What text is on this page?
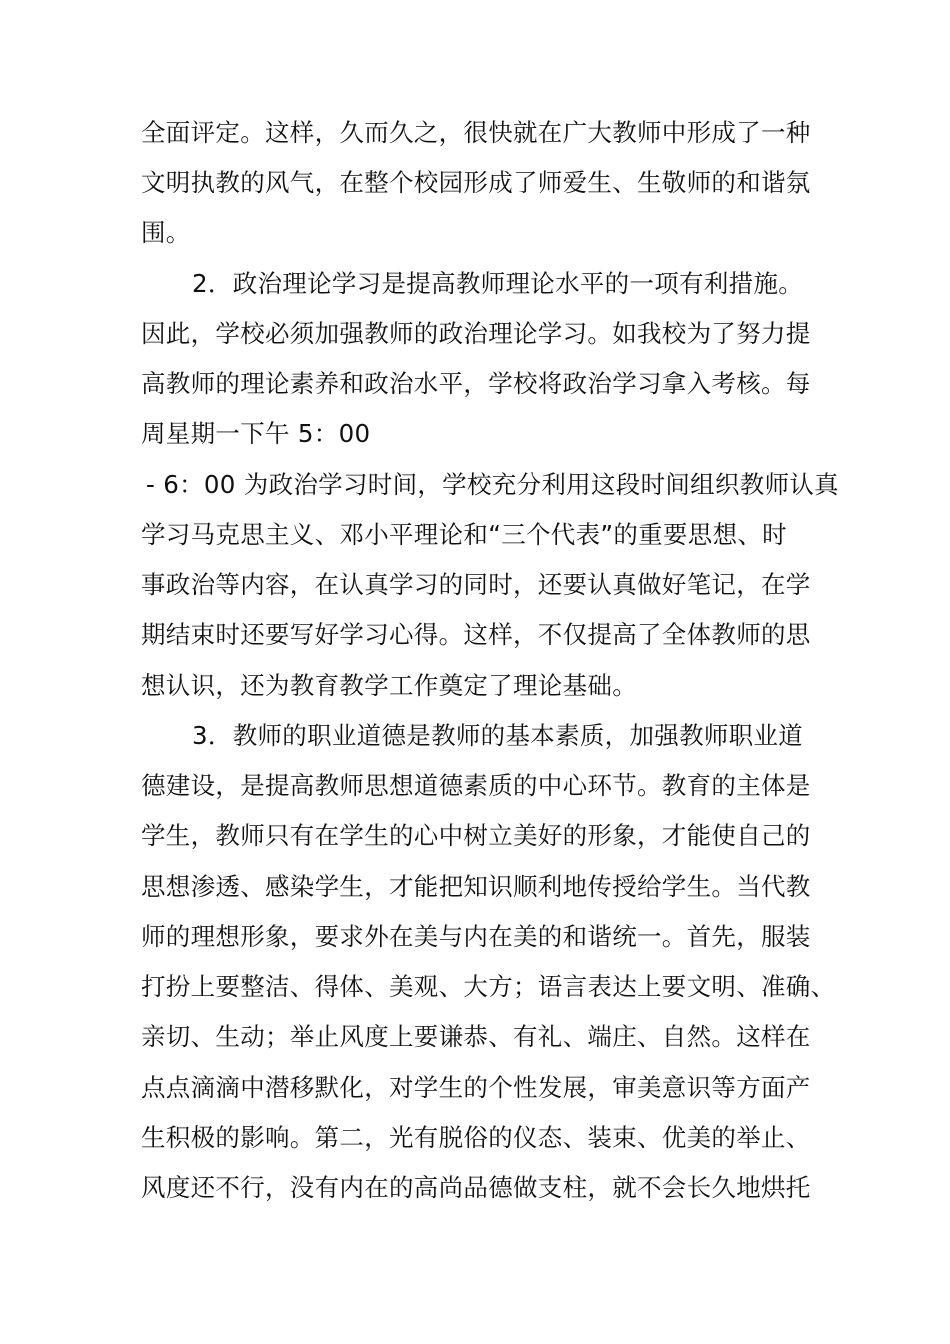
全面评定。这样，久而久之，很快就在广大教师中形成了一种
文明执教的风气，在整个校园形成了师爱生、生敬师的和谐氛
围。
2．政治理论学习是提高教师理论水平的一项有利措施。
因此，学校必须加强教师的政治理论学习。如我校为了努力提
高教师的理论素养和政治水平，学校将政治学习拿入考核。每
周星期一下午 5：00
- 6：00 为政治学习时间，学校充分利用这段时间组织教师认真
学习马克思主义、邓小平理论和“三个代表”的重要思想、时
事政治等内容，在认真学习的同时，还要认真做好笔记，在学
期结束时还要写好学习心得。这样，不仅提高了全体教师的思
想认识，还为教育教学工作奠定了理论基础。
3．教师的职业道德是教师的基本素质，加强教师职业道
德建设，是提高教师思想道德素质的中心环节。教育的主体是
学生，教师只有在学生的心中树立美好的形象，才能使自己的
思想渗透、感染学生，才能把知识顺利地传授给学生。当代教
师的理想形象，要求外在美与内在美的和谐统一。首先，服装
打扮上要整洁、得体、美观、大方；语言表达上要文明、准确、
亲切、生动；举止风度上要谦恭、有礼、端庄、自然。这样在
点点滴滴中潜移默化，对学生的个性发展，审美意识等方面产
生积极的影响。第二，光有脱俗的仪态、装束、优美的举止、
风度还不行，没有内在的高尚品德做支柱，就不会长久地烘托
